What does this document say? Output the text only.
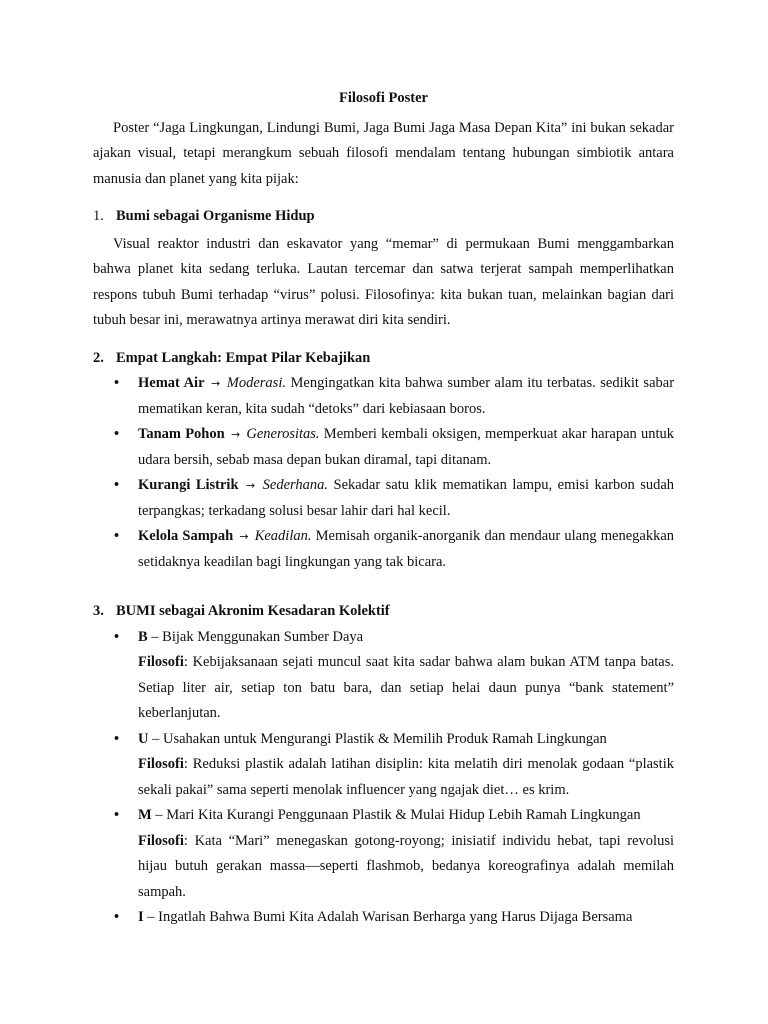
Filosofi Poster

Poster “Jaga Lingkungan, Lindungi Bumi, Jaga Bumi Jaga Masa Depan Kita” ini bukan sekadar ajakan visual, tetapi merangkum sebuah filosofi mendalam tentang hubungan simbiotik antara manusia dan planet yang kita pijak:

1. Bumi sebagai Organisme Hidup

Visual reaktor industri dan eskavator yang “memar” di permukaan Bumi menggambarkan bahwa planet kita sedang terluka. Lautan tercemar dan satwa terjerat sampah memperlihatkan respons tubuh Bumi terhadap “virus” polusi. Filosofinya: kita bukan tuan, melainkan bagian dari tubuh besar ini, merawatnya artinya merawat diri kita sendiri.

2. Empat Langkah: Empat Pilar Kebajikan

• Hemat Air → Moderasi. Mengingatkan kita bahwa sumber alam itu terbatas. sedikit sabar mematikan keran, kita sudah “detoks” dari kebiasaan boros.
• Tanam Pohon → Generositas. Memberi kembali oksigen, memperkuat akar harapan untuk udara bersih, sebab masa depan bukan diramal, tapi ditanam.
• Kurangi Listrik → Sederhana. Sekadar satu klik mematikan lampu, emisi karbon sudah terpangkas; terkadang solusi besar lahir dari hal kecil.
• Kelola Sampah → Keadilan. Memisah organik-anorganik dan mendaur ulang menegakkan setidaknya keadilan bagi lingkungan yang tak bicara.

3. BUMI sebagai Akronim Kesadaran Kolektif

• B – Bijak Menggunakan Sumber Daya

Filosofi: Kebijaksanaan sejati muncul saat kita sadar bahwa alam bukan ATM tanpa batas. Setiap liter air, setiap ton batu bara, dan setiap helai daun punya “bank statement” keberlanjutan.

• U – Usahakan untuk Mengurangi Plastik & Memilih Produk Ramah Lingkungan

Filosofi: Reduksi plastik adalah latihan disiplin: kita melatih diri menolak godaan “plastik sekali pakai” sama seperti menolak influencer yang ngajak diet… es krim.

• M – Mari Kita Kurangi Penggunaan Plastik & Mulai Hidup Lebih Ramah Lingkungan

Filosofi: Kata “Mari” menegaskan gotong-royong; inisiatif individu hebat, tapi revolusi hijau butuh gerakan massa—seperti flashmob, bedanya koreografinya adalah memilah sampah.

• I – Ingatlah Bahwa Bumi Kita Adalah Warisan Berharga yang Harus Dijaga Bersama
